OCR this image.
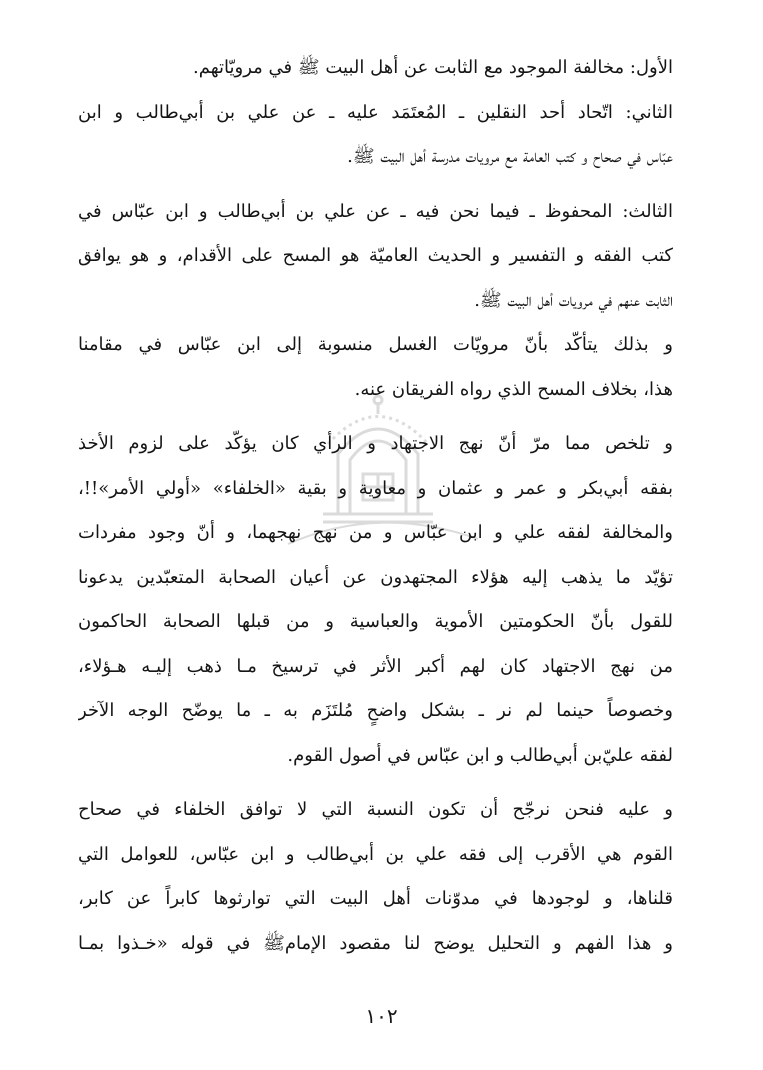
الأول: مخالفة الموجود مع الثابت عن أهل البيت ﷺ في مرويّاتهم.
الثاني: اتّحاد أحد النقلين ـ المُعتَمَد عليه ـ عن علي بن أبي‌طالب و ابن
عبّاس في صحاح و كتب العامة مع مرويات مدرسة أهل البيت ﷺ.
الثالث: المحفوظ ـ فيما نحن فيه ـ عن علي بن أبي‌طالب و ابن عبّاس في
كتب الفقه و التفسير و الحديث العاميّة هو المسح على الأقدام، و هو يوافق
الثابت عنهم في مرويات أهل البيت ﷺ.
و بذلك يتأكّد بأنّ مرويّات الغسل منسوبة إلى ابن عبّاس في مقامنا
هذا، بخلاف المسح الذي رواه الفريقان عنه.
و تلخص مما مرّ أنّ نهج الاجتهاد و الرأي كان يؤكّد على لزوم الأخذ
بفقه أبي‌بكر و عمر و عثمان و معاوية و بقية «الخلفاء» «أولي الأمر»!!،
والمخالفة لفقه علي و ابن عبّاس و من نهج نهجهما، و أنّ وجود مفردات
تؤيّد ما يذهب إليه هؤلاء المجتهدون عن أعيان الصحابة المتعبّدين يدعونا
للقول بأنّ الحكومتين الأموية والعباسية و من قبلها الصحابة الحاكمون
من نهج الاجتهاد كان لهم أكبر الأثر في ترسيخ مـا ذهب إليـه هـؤلاء،
وخصوصاً حينما لم نر ـ بشكل واضحٍ مُلتَزَم به ـ ما يوضّح الوجه الآخر
لفقه عليّ‌بن أبي‌طالب و ابن عبّاس في أصول القوم.
و عليه فنحن نرجّح أن تكون النسبة التي لا توافق الخلفاء في صحاح
القوم هي الأقرب إلى فقه علي بن أبي‌طالب و ابن عبّاس، للعوامل التي
قلناها، و لوجودها في مدوّنات أهل البيت التي توارثوها كابراً عن كابر،
و هذا الفهم و التحليل يوضح لنا مقصود الإمامﷺ في قوله «خـذوا بمـا
١٠٢
